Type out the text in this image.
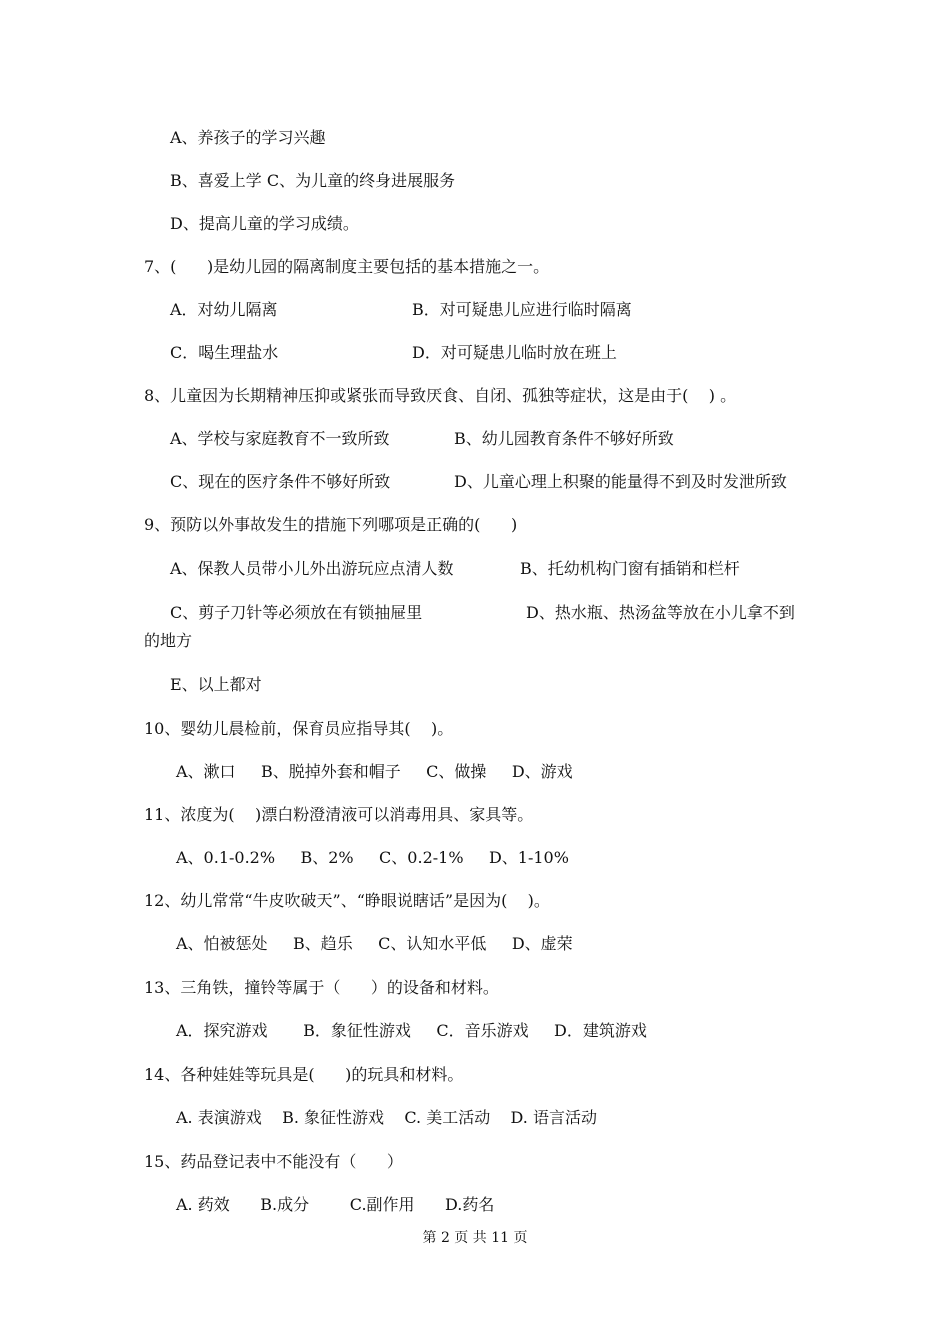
A、养孩子的学习兴趣
B、喜爱上学 C、为儿童的终身进展服务
D、提高儿童的学习成绩。
7、(      )是幼儿园的隔离制度主要包括的基本措施之一。

A．对幼儿隔离

	B．对可疑患儿应进行临时隔离

C．喝生理盐水

	D．对可疑患儿临时放在班上

8、儿童因为长期精神压抑或紧张而导致厌食、自闭、孤独等症状，这是由于(    ) 。

A、学校与家庭教育不一致所致

	B、幼儿园教育条件不够好所致

C、现在的医疗条件不够好所致

	D、儿童心理上积聚的能量得不到及时发泄所致

9、预防以外事故发生的措施下列哪项是正确的(      )

A、保教人员带小儿外出游玩应点清人数

	B、托幼机构门窗有插销和栏杆

C、剪子刀针等必须放在有锁抽屉里

	D、热水瓶、热汤盆等放在小儿拿不到

的地方
E、以上都对
10、婴幼儿晨检前，保育员应指导其(    )。
A、漱口     B、脱掉外套和帽子     C、做操     D、游戏
11、浓度为(    )漂白粉澄清液可以消毒用具、家具等。
A、0.1-0.2%     B、2%     C、0.2-1%     D、1-10%
12、幼儿常常“牛皮吹破天”、“睁眼说瞎话”是因为(    )。
A、怕被惩处     B、趋乐     C、认知水平低     D、虚荣
13、三角铁，撞铃等属于（      ）的设备和材料。
A．探究游戏       B．象征性游戏     C．音乐游戏     D．建筑游戏
14、各种娃娃等玩具是(      )的玩具和材料。
A. 表演游戏    B. 象征性游戏    C. 美工活动    D. 语言活动
15、药品登记表中不能没有（      ）
A. 药效      B.成分        C.副作用      D.药名
第 2 页 共 11 页
